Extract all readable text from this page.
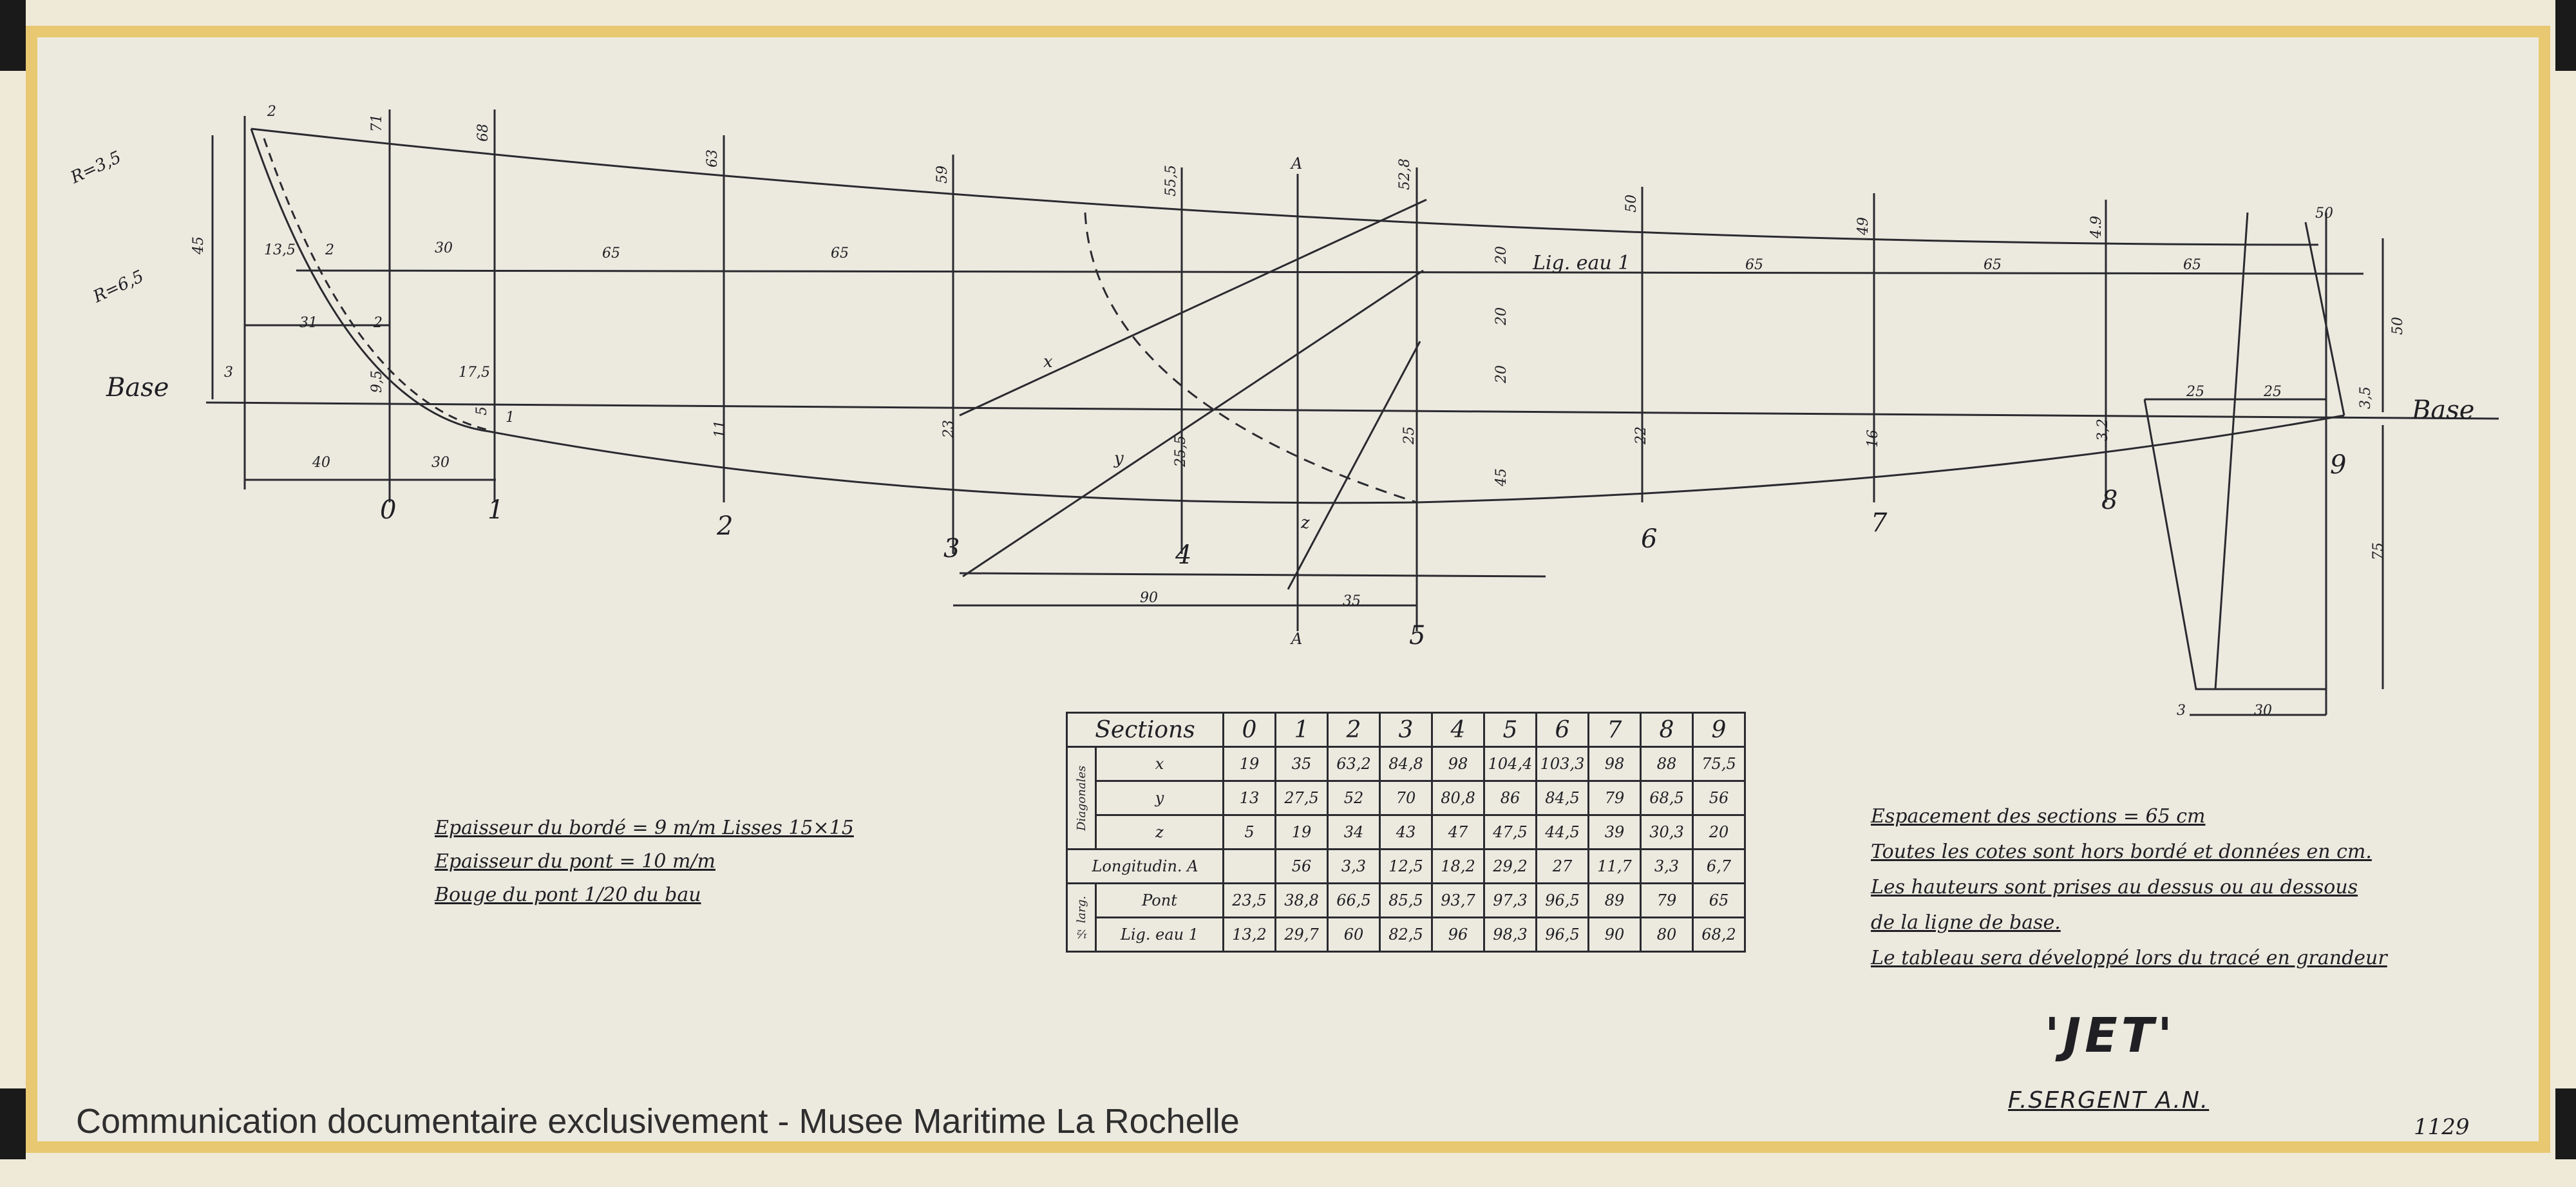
Base
Base
Lig. eau 1
R=3,5
R=6,5
0	1
2
3	4
5
6
7
8
9
A
A
x
y
z
2
71
68
63
59	55,5	52,8
50
49	4.9
50
13,5 2	30	65	65
65	65	65
45
31	2
3	9,5	17,5
5 1
40	30
20
20
20
25
45
90	35
25	25	3,5
50
75
30
3
11	23
25,5
22	16	3,2
Sections		0	1	2	3	4	5	6	7	8	9
Diagonales	x	19	35	63,2	84,8	98	104,4	103,3	98	88	75,5
	y	13	27,5	52	70	80,8	86	84,5	79	68,5	56
	z	5	19	34	43	47	47,5	44,5	39	30,3	20
Longitudin. A			56	3,3	12,5	18,2	29,2	27	11,7	3,3	6,7
½ larg.	Pont	23,5	38,8	66,5	85,5	93,7	97,3	96,5	89	79	65
	Lig. eau 1	13,2	29,7	60	82,5	96	98,3	96,5	90	80	68,2
Epaisseur du bordé = 9 m/m Lisses 15×15
Epaisseur du pont = 10 m/m
Bouge du pont 1/20 du bau
Espacement des sections = 65 cm
Toutes les cotes sont hors bordé et données en cm.
Les hauteurs sont prises au dessus ou au dessous
de la ligne de base.
Le tableau sera développé lors du tracé en grandeur
'JET'
F.SERGENT A.N.
1129
Communication documentaire exclusivement - Musee Maritime La Rochelle
